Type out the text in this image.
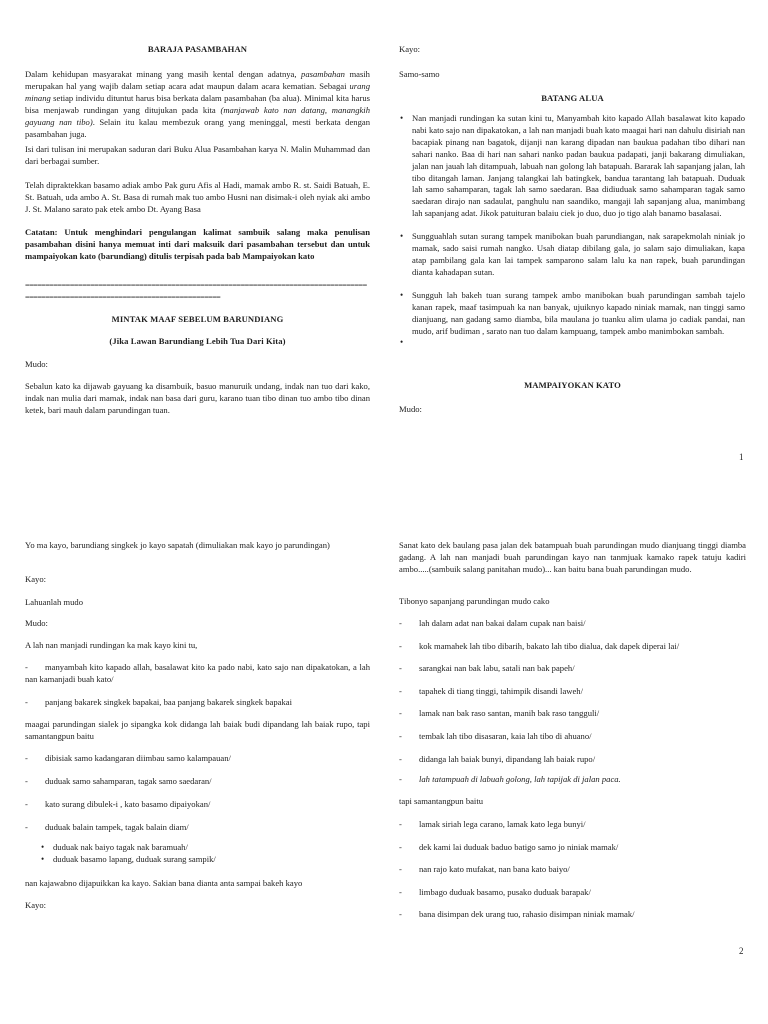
BARAJA PASAMBAHAN

Dalam kehidupan masyarakat minang yang masih kental dengan adatnya, pasambahan masih merupakan hal yang wajib dalam setiap acara adat maupun dalam acara kematian. Sebagai urang minang setiap individu dituntut harus bisa berkata dalam pasambahan (ba alua). Minimal kita harus bisa menjawab rundingan yang ditujukan pada kita (manjawab kato nan datang, manangkih gayuang nan tibo). Selain itu kalau membezuk orang yang meninggal, mesti berkata dengan pasambahan juga.

Isi dari tulisan ini merupakan saduran dari Buku Alua Pasambahan karya N. Malin Muhammad dan dari berbagai sumber.

Telah dipraktekkan basamo adiak ambo Pak guru Afis al Hadi, mamak ambo R. st. Saidi Batuah, E. St. Batuah, uda ambo A. St. Basa di rumah mak tuo ambo Husni nan disimak-i oleh nyiak aki ambo J. St. Malano sarato pak etek ambo Dt. Ayang Basa

Catatan: Untuk menghindari pengulangan kalimat sambuik salang maka penulisan pasambahan disini hanya memuat inti dari maksuik dari pasambahan tersebut dan untuk mampaiyokan kato (barundiang) ditulis terpisah pada bab Mampaiyokan kato

====================================================================================================================================
MINTAK MAAF SEBELUM BARUNDIANG
(Jika Lawan Barundiang Lebih Tua Dari Kita)
Mudo:

Sebalun kato ka dijawab gayuang ka disambuik, basuo manuruik undang, indak nan tuo dari kako, indak nan mulia dari mamak, indak nan basa dari guru, karano tuan tibo dinan tuo ambo tibo dinan ketek, bari mauh dalam parundingan tuan.

Kayo:
Samo-samo
BATANG ALUA
• Nan manjadi rundingan ka sutan kini tu, Manyambah kito kapado Allah basalawat kito kapado nabi kato sajo nan dipakatokan, a lah nan manjadi buah kato maagai hari nan dahulu disiriah nan bacapiak pinang nan bagatok, dijanji nan karang dipadan nan baukua padahan tibo dihari nan sahari nanko. Baa di hari nan sahari nanko padan baukua padapati, janji bakarang dimuliakan, jalan nan jauah lah ditampuah, labuah nan golong lah batapuah. Bararak lah sapanjang jalan, lah tibo ditangah laman. Janjang talangkai lah batingkek, bandua tarantang lah batapuah. Duduak lah samo sahamparan, tagak lah samo saedaran. Baa didiuduak samo sahamparan tagak samo saedaran dirajo nan sadaulat, panghulu nan saandiko, mangaji lah sapanjang alua, manimbang lah sapanjang adat. Jikok patuituran balaiu ciek jo duo, duo jo tigo alah banamo basalasai.
• Sungguahlah sutan surang tampek manibokan buah parundiangan, nak sarapekmolah niniak jo mamak, sado saisi rumah nangko. Usah diatap dibilang gala, jo salam sajo dimuliakan, kapa atap pambilang gala kan lai tampek samparono salam lalu ka nan rapek, buah parundingan dianta kahadapan sutan.
• Sungguh lah bakeh tuan surang tampek ambo manibokan buah parundingan sambah tajelo kanan rapek, maaf tasimpuah ka nan banyak, ujuiknyo kapado niniak mamak, nan tinggi samo dianjuang, nan gadang samo diamba, bila maulana jo tuanku alim ulama jo cadiak pandai, nan mudo, arif budiman , sarato nan tuo dalam kampuang, tampek ambo manimbokan sambah.
•
MAMPAIYOKAN KATO
Mudo:
1

Yo ma kayo, barundiang singkek jo kayo sapatah (dimuliakan mak kayo jo parundingan)

Kayo:
Lahuanlah mudo
Mudo:
A lah nan manjadi rundingan ka mak kayo kini tu,
-	manyambah kito kapado allah, basalawat kito ka pado nabi, kato sajo nan dipakatokan, a lah nan kamanjadi buah kato/
- panjang bakarek singkek bapakai, baa panjang bakarek singkek bapakai

maagai parundingan sialek jo sipangka kok didanga lah baiak budi dipandang lah baiak rupo, tapi samantangpun baitu

- dibisiak samo kadangaran diimbau samo kalampauan/
- duduak samo sahamparan, tagak samo saedaran/
- kato surang dibulek-i , kato basamo dipaiyokan/
- duduak balain tampek, tagak balain diam/
• duduak nak baiyo tagak nak baramuah/
• duduak basamo lapang, duduak surang sampik/
nan kajawabno dijapuikkan ka kayo. Sakian bana dianta anta sampai bakeh kayo
Kayo:

Sanat kato dek baulang pasa jalan dek batampuah buah parundingan mudo dianjuang tinggi diamba gadang. A lah nan manjadi buah parundingan kayo nan tanmjuak kamako rapek tatuju kadiri ambo.....(sambuik salang panitahan mudo)... kan baitu bana buah parundingan mudo.

Tibonyo sapanjang parundingan mudo cako
- lah dalam adat nan bakai dalam cupak nan baisi/
- kok mamahek lah tibo dibarih, bakato lah tibo dialua, dak dapek diperai lai/
- sarangkai nan bak labu, satali nan bak papeh/
- tapahek di tiang tinggi, tahimpik disandi laweh/
- lamak nan bak raso santan, manih bak raso tangguli/
- tembak lah tibo disasaran, kaia lah tibo di ahuano/
- didanga lah baiak bunyi, dipandang lah baiak rupo/
- lah tatampuah di labuah golong, lah tapijak di jalan paca.
tapi samantangpun baitu
- lamak siriah lega carano, lamak kato lega bunyi/
- dek kami lai duduak baduo batigo samo jo niniak mamak/
- nan rajo kato mufakat, nan bana kato baiyo/
- limbago duduak basamo, pusako duduak barapak/
- bana disimpan dek urang tuo, rahasio disimpan niniak mamak/
2
